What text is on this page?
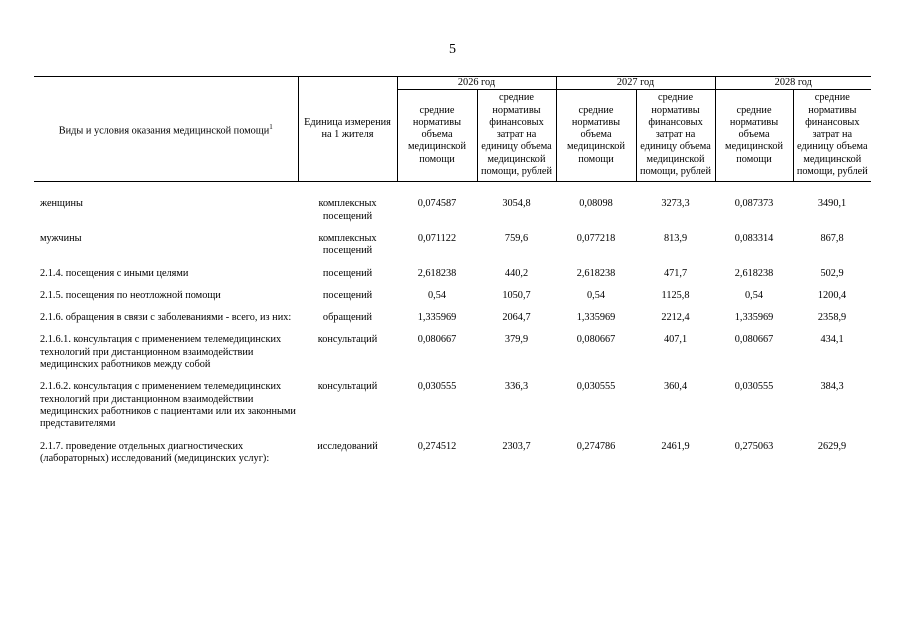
5
Виды и условия оказания медицинской помощи$^1$	Единица измерения на 1 жителя	2026 год		2027 год		2028 год	
		средние нормативы объема медицинской помощи	средние нормативы финансовых затрат на единицу объема медицинской помощи, рублей	средние нормативы объема медицинской помощи	средние нормативы финансовых затрат на единицу объема медицинской помощи, рублей	средние нормативы объема медицинской помощи	средние нормативы финансовых затрат на единицу объема медицинской помощи, рублей

женщины	комплексных посещений	0,074587	3054,8	0,08098	3273,3	0,087373	3490,1
мужчины	комплексных посещений	0,071122	759,6	0,077218	813,9	0,083314	867,8
2.1.4. посещения с иными целями	посещений	2,618238	440,2	2,618238	471,7	2,618238	502,9
2.1.5. посещения по неотложной помощи	посещений	0,54	1050,7	0,54	1125,8	0,54	1200,4
2.1.6. обращения в связи с заболеваниями - всего, из них:	обращений	1,335969	2064,7	1,335969	2212,4	1,335969	2358,9
2.1.6.1. консультация с применением телемедицинских технологий при дистанционном взаимодействии медицинских работников между собой	консультаций	0,080667	379,9	0,080667	407,1	0,080667	434,1
2.1.6.2. консультация с применением телемедицинских технологий при дистанционном взаимодействии медицинских работников с пациентами или их законными представителями	консультаций	0,030555	336,3	0,030555	360,4	0,030555	384,3
2.1.7. проведение отдельных диагностических (лабораторных) исследований (медицинских услуг):	исследований	0,274512	2303,7	0,274786	2461,9	0,275063	2629,9
